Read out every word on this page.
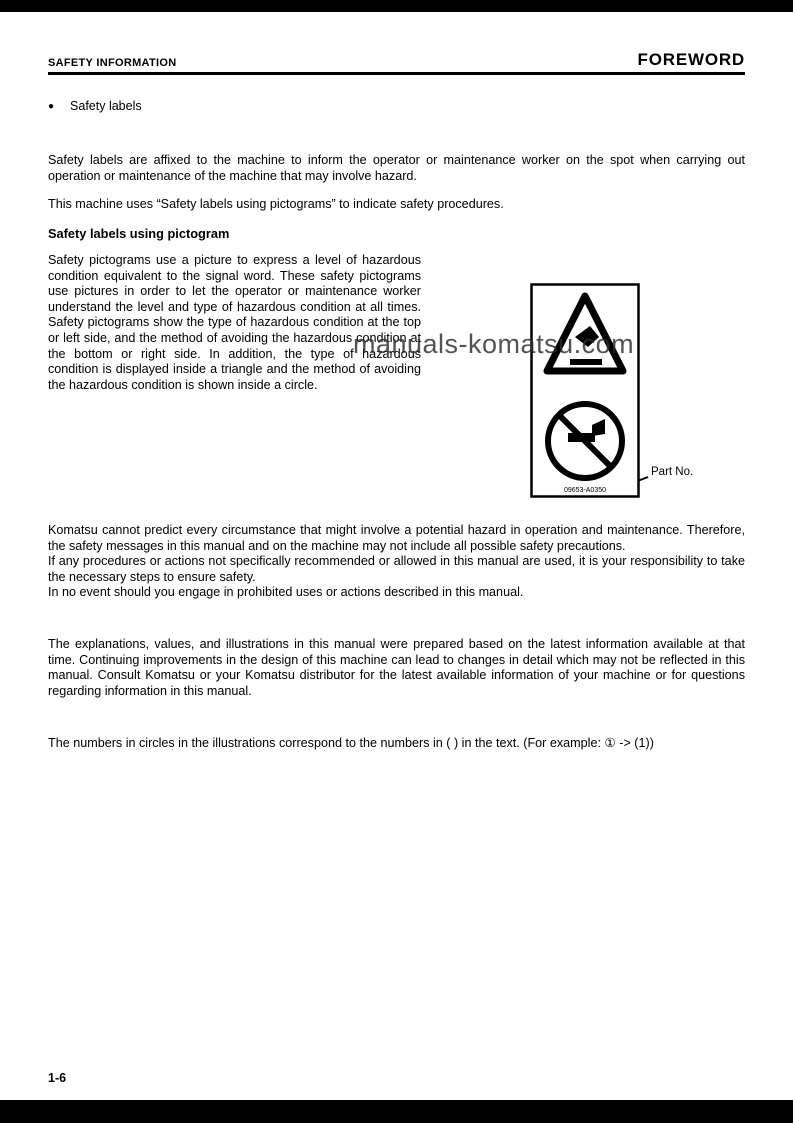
SAFETY INFORMATION	FOREWORD
● Safety labels

Safety labels are affixed to the machine to inform the operator or maintenance worker on the spot when carrying out operation or maintenance of the machine that may involve hazard.

This machine uses “Safety labels using pictograms” to indicate safety procedures.

Safety labels using pictogram

Safety pictograms use a picture to express a level of hazardous condition equivalent to the signal word. These safety pictograms use pictures in order to let the operator or maintenance worker understand the level and type of hazardous condition at all times. Safety pictograms show the type of hazardous condition at the top or left side, and the method of avoiding the hazardous condition at the bottom or right side. In addition, the type of hazardous condition is displayed inside a triangle and the method of avoiding the hazardous condition is shown inside a circle.

09653-A0350
manuals-komatsu.com
Part No.
Komatsu cannot predict every circumstance that might involve a potential hazard in operation and maintenance. Therefore, the safety messages in this manual and on the machine may not include all possible safety precautions.
If any procedures or actions not specifically recommended or allowed in this manual are used, it is your responsibility to take the necessary steps to ensure safety.
In no event should you engage in prohibited uses or actions described in this manual.

The explanations, values, and illustrations in this manual were prepared based on the latest information available at that time. Continuing improvements in the design of this machine can lead to changes in detail which may not be reflected in this manual. Consult Komatsu or your Komatsu distributor for the latest available information of your machine or for questions regarding information in this manual.

The numbers in circles in the illustrations correspond to the numbers in ( ) in the text. (For example: ① -> (1))

1-6
